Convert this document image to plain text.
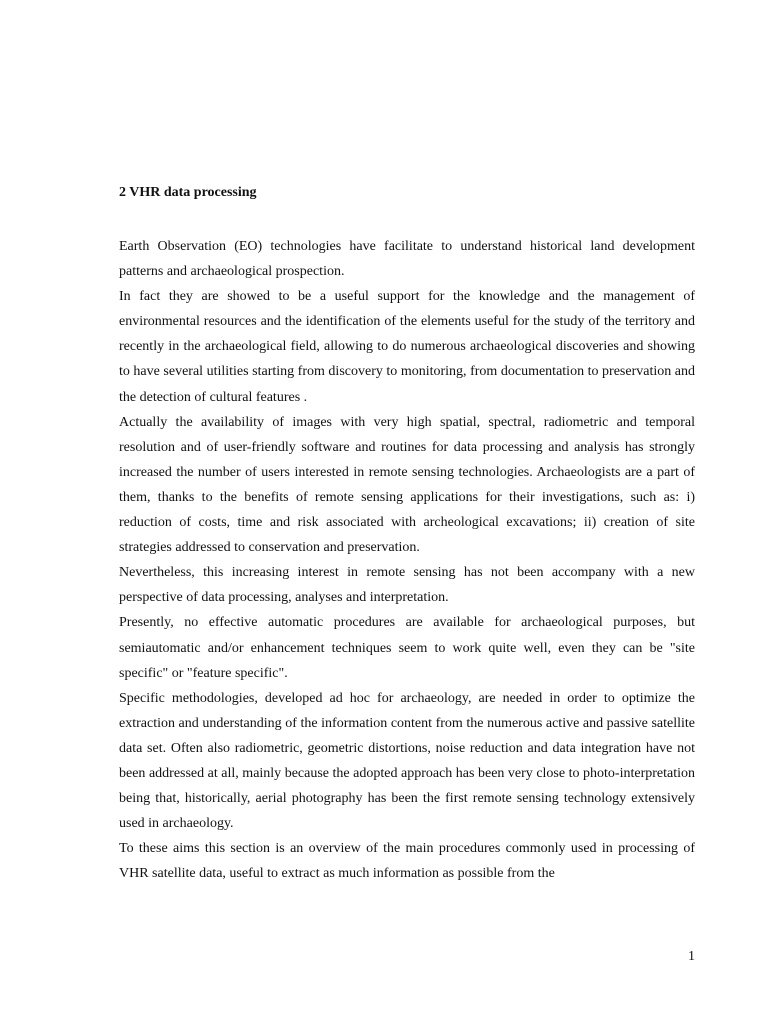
2 VHR data processing

Earth Observation (EO) technologies have facilitate to understand historical land development patterns and archaeological prospection.

In fact they are showed to be a useful support for the knowledge and the management of environmental resources and the identification of the elements useful for the study of the territory and recently in the archaeological field, allowing to do numerous archaeological discoveries and showing to have several utilities starting from discovery to monitoring, from documentation to preservation and the detection of cultural features .

Actually the availability of images with very high spatial, spectral, radiometric and temporal resolution and of user-friendly software and routines for data processing and analysis has strongly increased the number of users interested in remote sensing technologies. Archaeologists are a part of them, thanks to the benefits of remote sensing applications for their investigations, such as: i) reduction of costs, time and risk associated with archeological excavations; ii) creation of site strategies addressed to conservation and preservation.

Nevertheless, this increasing interest in remote sensing has not been accompany with a new perspective of data processing, analyses and interpretation.

Presently, no effective automatic procedures are available for archaeological purposes, but semiautomatic and/or enhancement techniques seem to work quite well, even they can be "site specific" or "feature specific".

Specific methodologies, developed ad hoc for archaeology, are needed in order to optimize the extraction and understanding of the information content from the numerous active and passive satellite data set. Often also radiometric, geometric distortions, noise reduction and data integration have not been addressed at all, mainly because the adopted approach has been very close to photo-interpretation being that, historically, aerial photography has been the first remote sensing technology extensively used in archaeology.

To these aims this section is an overview of the main procedures commonly used in processing of VHR satellite data, useful to extract as much information as possible from the

1
